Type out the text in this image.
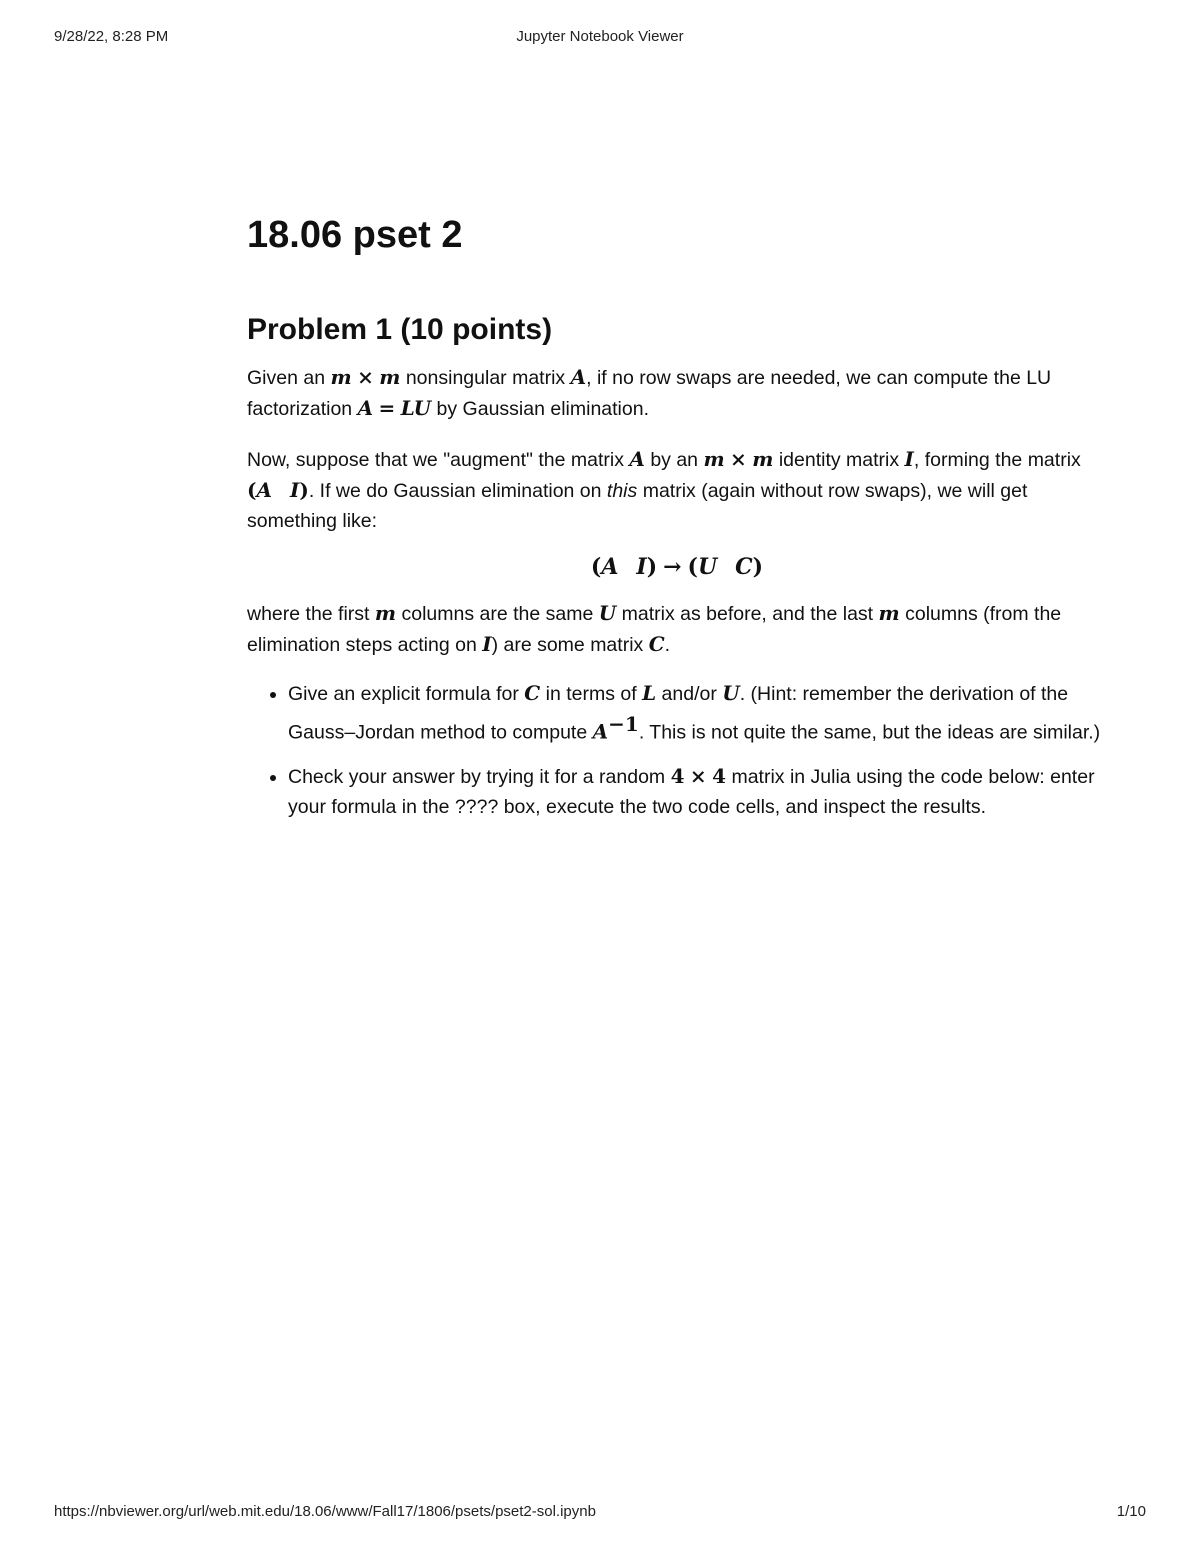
9/28/22, 8:28 PM	Jupyter Notebook Viewer
18.06 pset 2
Problem 1 (10 points)

Given an m × m nonsingular matrix A, if no row swaps are needed, we can compute the LU factorization A = LU by Gaussian elimination.

Now, suppose that we "augment" the matrix A by an m × m identity matrix I, forming the matrix (A I). If we do Gaussian elimination on this matrix (again without row swaps), we will get something like:

(A I) → (U C)

where the first m columns are the same U matrix as before, and the last m columns (from the elimination steps acting on I) are some matrix C.

• Give an explicit formula for C in terms of L and/or U. (Hint: remember the derivation of the Gauss–Jordan method to compute $A^{-1}$. This is not quite the same, but the ideas are similar.)
• Check your answer by trying it for a random 4 × 4 matrix in Julia using the code below: enter your formula in the ???? box, execute the two code cells, and inspect the results.
https://nbviewer.org/url/web.mit.edu/18.06/www/Fall17/1806/psets/pset2-sol.ipynb	1/10
